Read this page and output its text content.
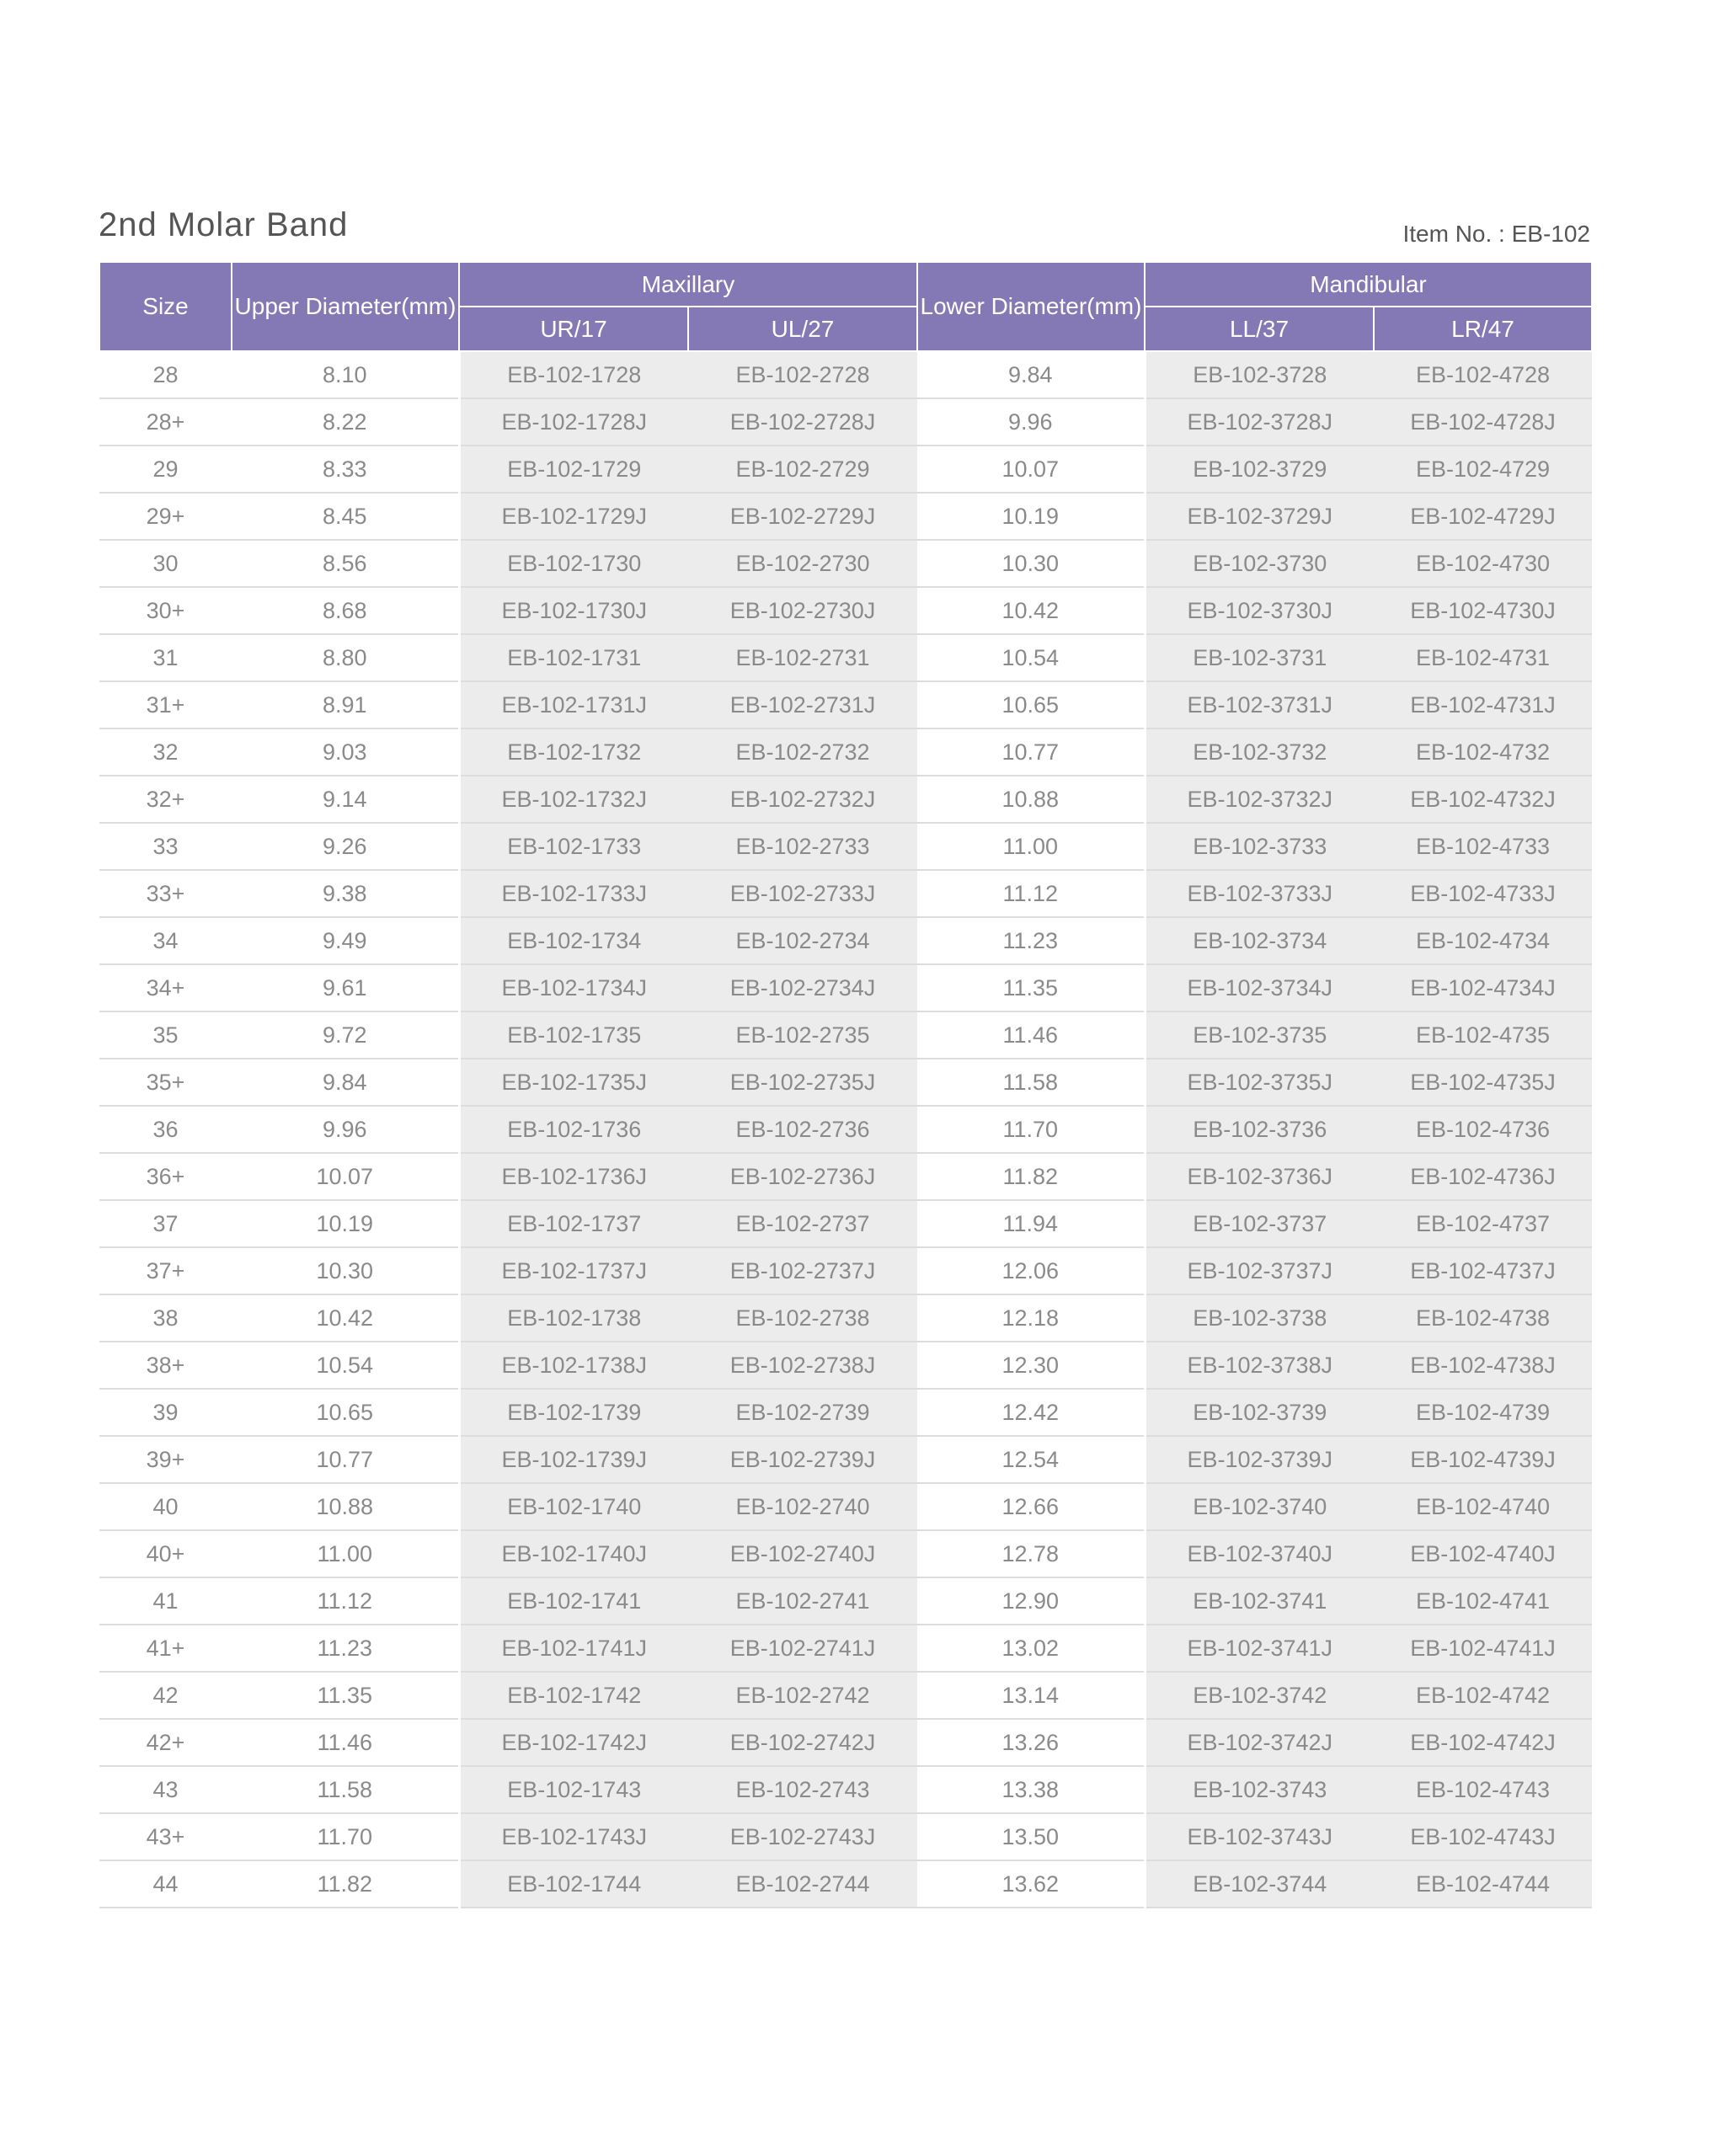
2nd Molar Band	Item No. : EB-102
Size	Upper Diameter(mm)	Maxillary		Lower Diameter(mm)	Mandibular	
		UR/17	UL/27		LL/37	LR/47
28	8.10	EB-102-1728	EB-102-2728	9.84	EB-102-3728	EB-102-4728
28+	8.22	EB-102-1728J	EB-102-2728J	9.96	EB-102-3728J	EB-102-4728J
29	8.33	EB-102-1729	EB-102-2729	10.07	EB-102-3729	EB-102-4729
29+	8.45	EB-102-1729J	EB-102-2729J	10.19	EB-102-3729J	EB-102-4729J
30	8.56	EB-102-1730	EB-102-2730	10.30	EB-102-3730	EB-102-4730
30+	8.68	EB-102-1730J	EB-102-2730J	10.42	EB-102-3730J	EB-102-4730J
31	8.80	EB-102-1731	EB-102-2731	10.54	EB-102-3731	EB-102-4731
31+	8.91	EB-102-1731J	EB-102-2731J	10.65	EB-102-3731J	EB-102-4731J
32	9.03	EB-102-1732	EB-102-2732	10.77	EB-102-3732	EB-102-4732
32+	9.14	EB-102-1732J	EB-102-2732J	10.88	EB-102-3732J	EB-102-4732J
33	9.26	EB-102-1733	EB-102-2733	11.00	EB-102-3733	EB-102-4733
33+	9.38	EB-102-1733J	EB-102-2733J	11.12	EB-102-3733J	EB-102-4733J
34	9.49	EB-102-1734	EB-102-2734	11.23	EB-102-3734	EB-102-4734
34+	9.61	EB-102-1734J	EB-102-2734J	11.35	EB-102-3734J	EB-102-4734J
35	9.72	EB-102-1735	EB-102-2735	11.46	EB-102-3735	EB-102-4735
35+	9.84	EB-102-1735J	EB-102-2735J	11.58	EB-102-3735J	EB-102-4735J
36	9.96	EB-102-1736	EB-102-2736	11.70	EB-102-3736	EB-102-4736
36+	10.07	EB-102-1736J	EB-102-2736J	11.82	EB-102-3736J	EB-102-4736J
37	10.19	EB-102-1737	EB-102-2737	11.94	EB-102-3737	EB-102-4737
37+	10.30	EB-102-1737J	EB-102-2737J	12.06	EB-102-3737J	EB-102-4737J
38	10.42	EB-102-1738	EB-102-2738	12.18	EB-102-3738	EB-102-4738
38+	10.54	EB-102-1738J	EB-102-2738J	12.30	EB-102-3738J	EB-102-4738J
39	10.65	EB-102-1739	EB-102-2739	12.42	EB-102-3739	EB-102-4739
39+	10.77	EB-102-1739J	EB-102-2739J	12.54	EB-102-3739J	EB-102-4739J
40	10.88	EB-102-1740	EB-102-2740	12.66	EB-102-3740	EB-102-4740
40+	11.00	EB-102-1740J	EB-102-2740J	12.78	EB-102-3740J	EB-102-4740J
41	11.12	EB-102-1741	EB-102-2741	12.90	EB-102-3741	EB-102-4741
41+	11.23	EB-102-1741J	EB-102-2741J	13.02	EB-102-3741J	EB-102-4741J
42	11.35	EB-102-1742	EB-102-2742	13.14	EB-102-3742	EB-102-4742
42+	11.46	EB-102-1742J	EB-102-2742J	13.26	EB-102-3742J	EB-102-4742J
43	11.58	EB-102-1743	EB-102-2743	13.38	EB-102-3743	EB-102-4743
43+	11.70	EB-102-1743J	EB-102-2743J	13.50	EB-102-3743J	EB-102-4743J
44	11.82	EB-102-1744	EB-102-2744	13.62	EB-102-3744	EB-102-4744
